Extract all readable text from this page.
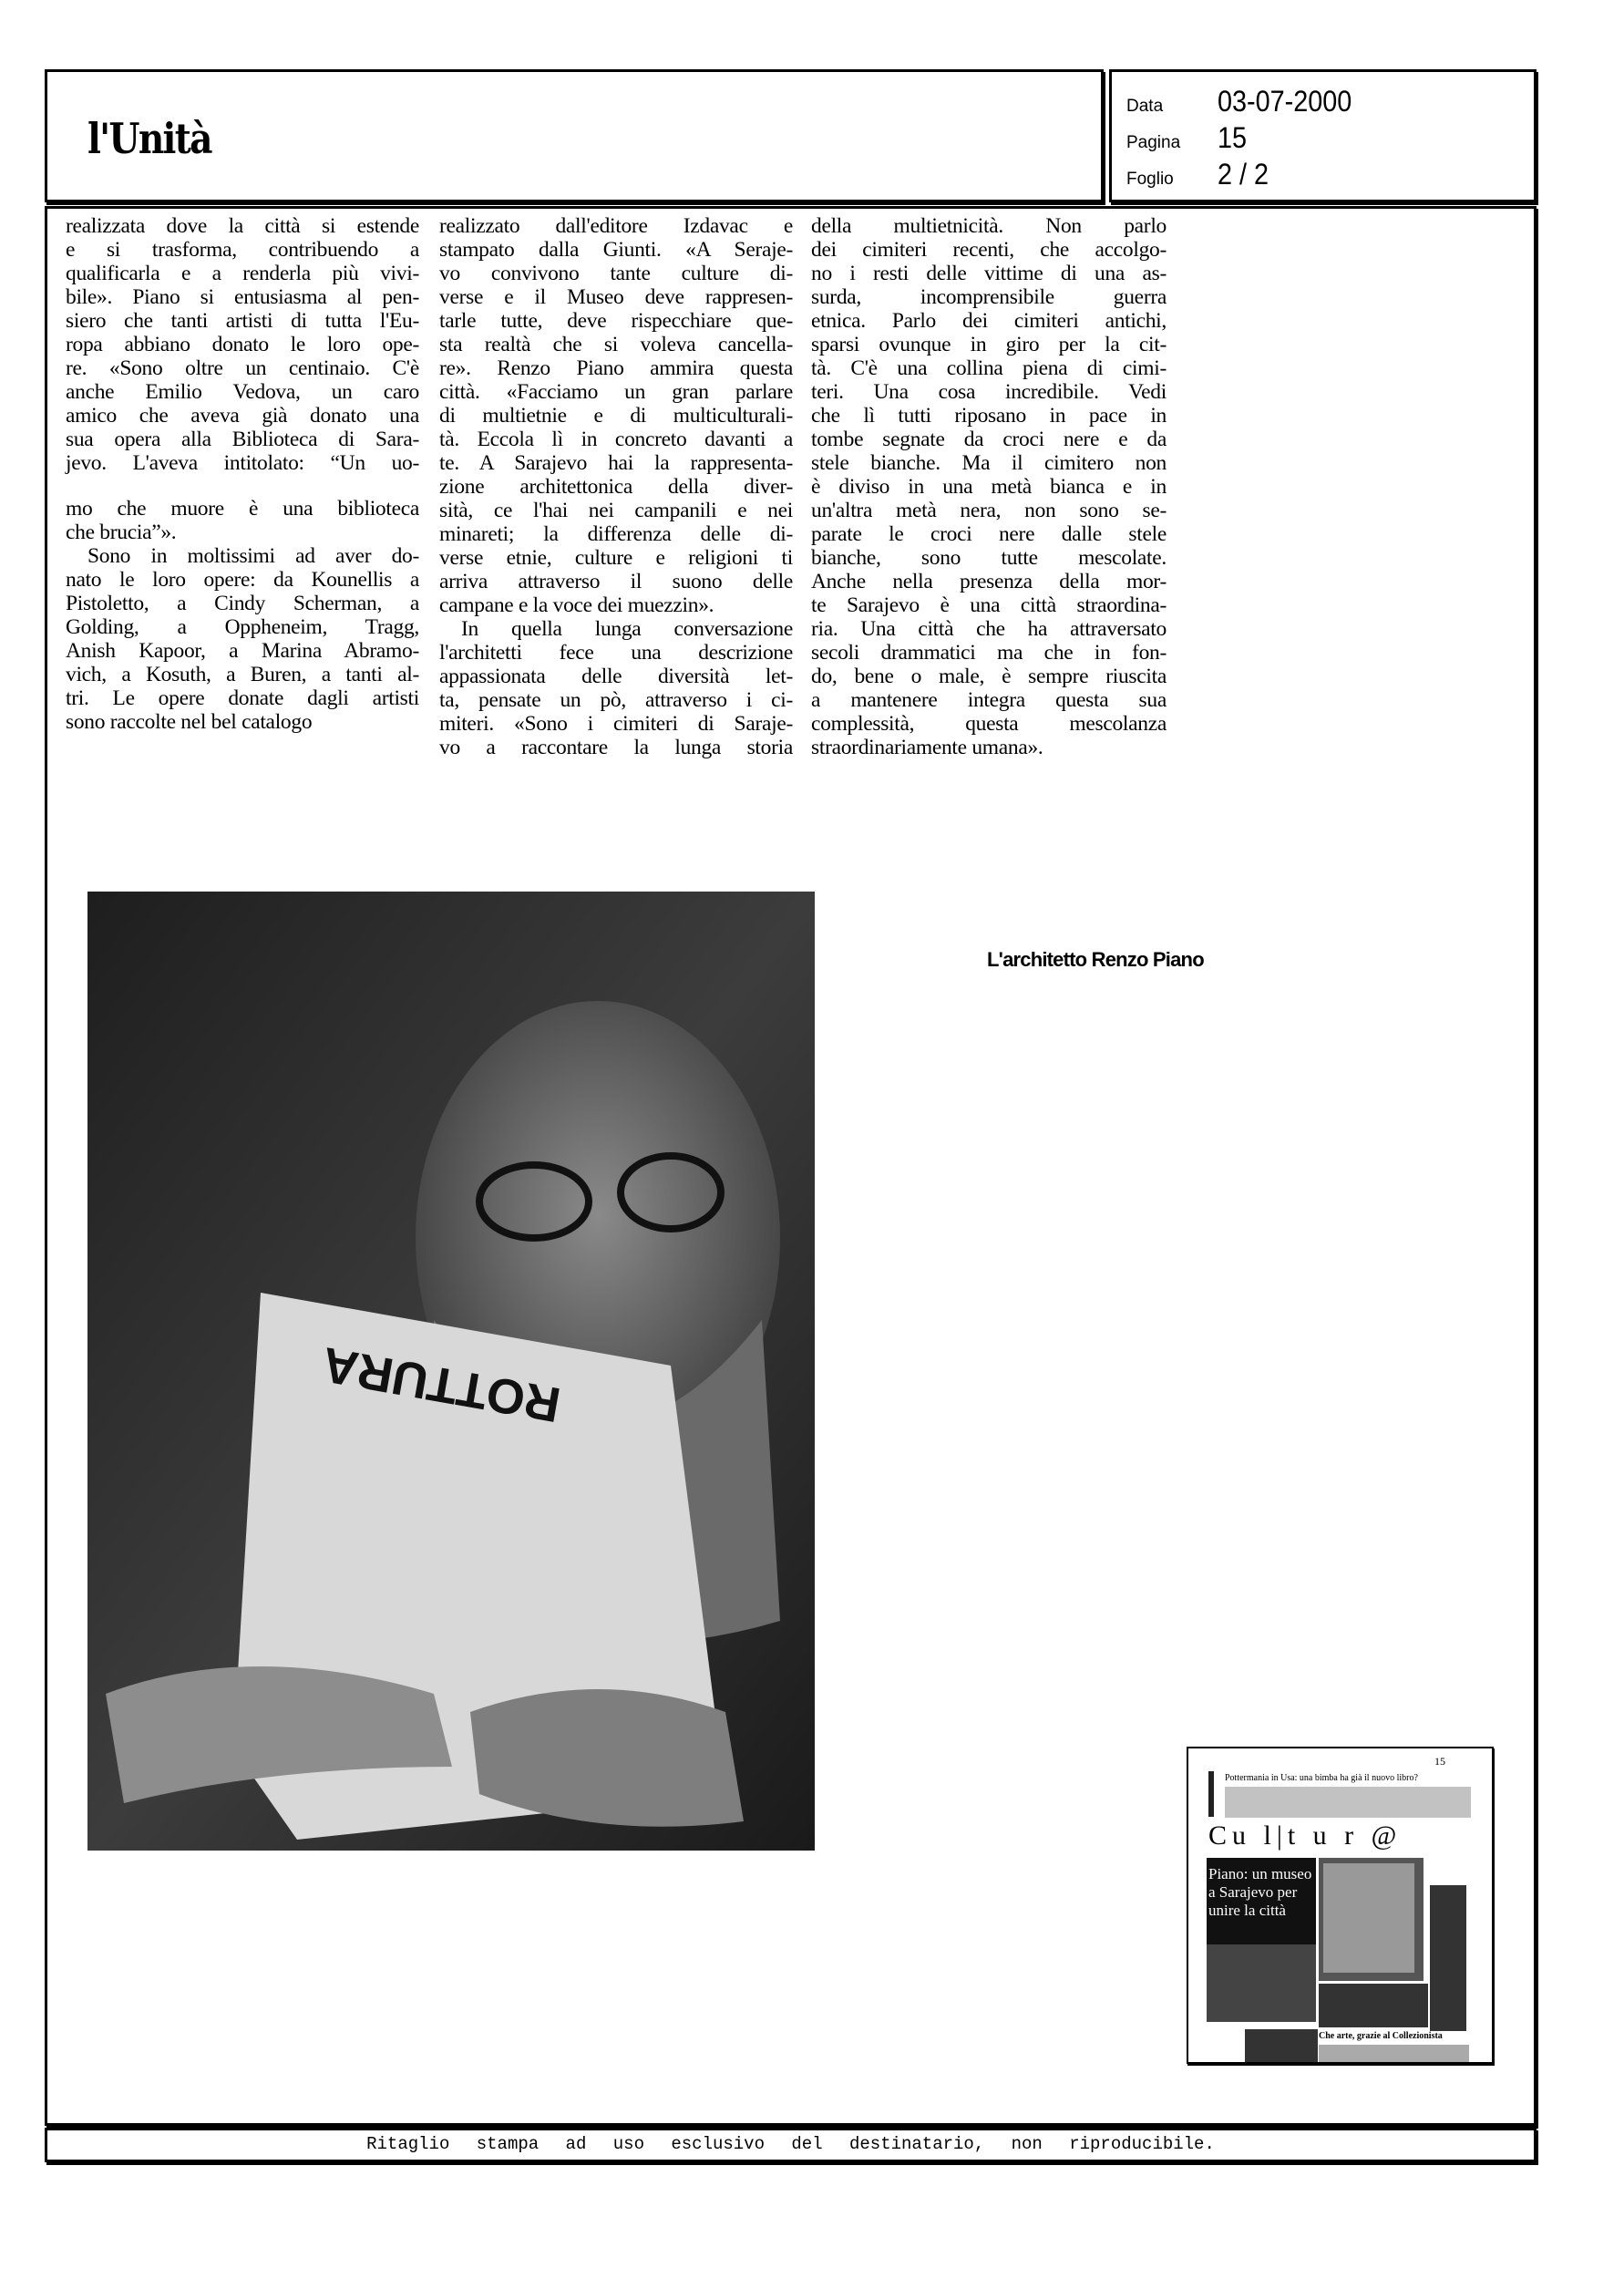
l'Unità
Data	03-07-2000
Pagina	15
Foglio	2 / 2
realizzata dove la città si estende
e si trasforma, contribuendo a
qualificarla e a renderla più vivi-
bile». Piano si entusiasma al pen-
siero che tanti artisti di tutta l'Eu-
ropa abbiano donato le loro ope-
re. «Sono oltre un centinaio. C'è
anche Emilio Vedova, un caro
amico che aveva già donato una
sua opera alla Biblioteca di Sara-
jevo. L'aveva intitolato: “Un uo-
mo che muore è una biblioteca
che brucia”».
Sono in moltissimi ad aver do-
nato le loro opere: da Kounellis a
Pistoletto, a Cindy Scherman, a
Golding, a Oppheneim, Tragg,
Anish Kapoor, a Marina Abramo-
vich, a Kosuth, a Buren, a tanti al-
tri. Le opere donate dagli artisti
sono raccolte nel bel catalogo
realizzato dall'editore Izdavac e
stampato dalla Giunti. «A Seraje-
vo convivono tante culture di-
verse e il Museo deve rappresen-
tarle tutte, deve rispecchiare que-
sta realtà che si voleva cancella-
re». Renzo Piano ammira questa
città. «Facciamo un gran parlare
di multietnie e di multiculturali-
tà. Eccola lì in concreto davanti a
te. A Sarajevo hai la rappresenta-
zione architettonica della diver-
sità, ce l'hai nei campanili e nei
minareti; la differenza delle di-
verse etnie, culture e religioni ti
arriva attraverso il suono delle
campane e la voce dei muezzin».
In quella lunga conversazione
l'architetti fece una descrizione
appassionata delle diversità let-
ta, pensate un pò, attraverso i ci-
miteri. «Sono i cimiteri di Saraje-
vo a raccontare la lunga storia
della multietnicità. Non parlo
dei cimiteri recenti, che accolgo-
no i resti delle vittime di una as-
surda, incomprensibile guerra
etnica. Parlo dei cimiteri antichi,
sparsi ovunque in giro per la cit-
tà. C'è una collina piena di cimi-
teri. Una cosa incredibile. Vedi
che lì tutti riposano in pace in
tombe segnate da croci nere e da
stele bianche. Ma il cimitero non
è diviso in una metà bianca e in
un'altra metà nera, non sono se-
parate le croci nere dalle stele
bianche, sono tutte mescolate.
Anche nella presenza della mor-
te Sarajevo è una città straordina-
ria. Una città che ha attraversato
secoli drammatici ma che in fon-
do, bene o male, è sempre riuscita
a mantenere integra questa sua
complessità, questa mescolanza
straordinariamente umana».
ROTTURA
L'architetto Renzo Piano
15
Pottermania in Usa: una bimba ha già il nuovo libro?
Cu l|t u r @
Piano: un museo a Sarajevo per unire la città
Che arte, grazie al Collezionista
Ritaglio stampa ad uso esclusivo del destinatario, non riproducibile.
